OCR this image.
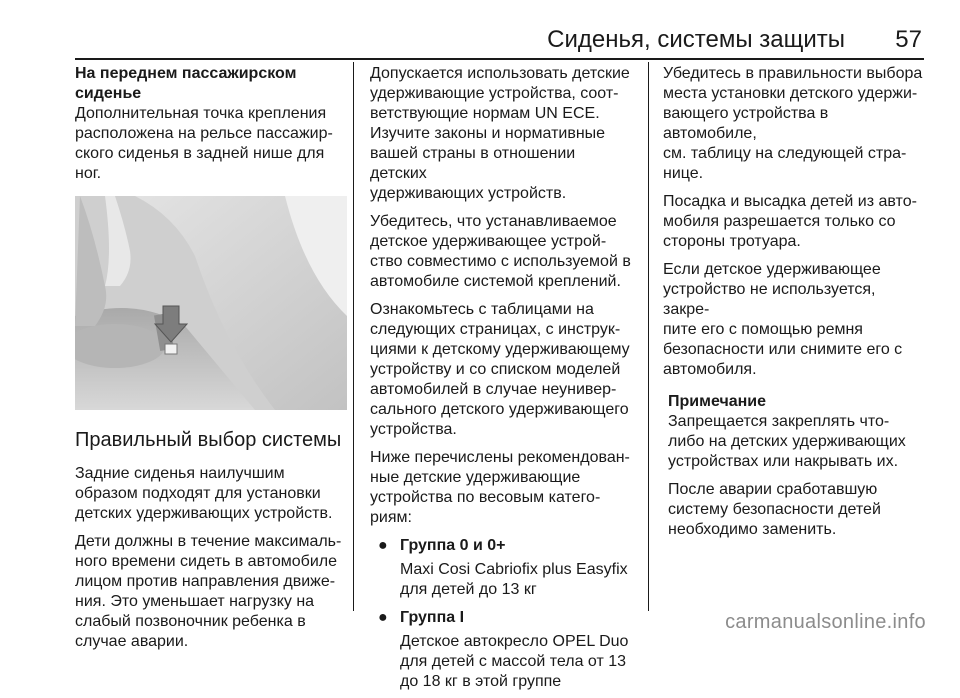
Сиденья, системы защиты 57

На переднем пассажирском
сиденье

Дополнительная точка крепления
расположена на рельсе пассажир-
ского сиденья в задней нише для
ног.

Правильный выбор системы

Задние сиденья наилучшим
образом подходят для установки
детских удерживающих устройств.

Дети должны в течение максималь-
ного времени сидеть в автомобиле
лицом против направления движе-
ния. Это уменьшает нагрузку на
слабый позвоночник ребенка в
случае аварии.

Допускается использовать детские
удерживающие устройства, соот-
ветствующие нормам UN ECE.
Изучите законы и нормативные
вашей страны в отношении детских
удерживающих устройств.

Убедитесь, что устанавливаемое
детское удерживающее устрой-
ство совместимо с используемой в
автомобиле системой креплений.

Ознакомьтесь с таблицами на
следующих страницах, с инструк-
циями к детскому удерживающему
устройству и со списком моделей
автомобилей в случае неунивер-
сального детского удерживающего
устройства.

Ниже перечислены рекомендован-
ные детские удерживающие
устройства по весовым катего-
риям:

● Группа 0 и 0+
Maxi Cosi Cabriofix plus Easyfix
для детей до 13 кг
● Группа I
Детское автокресло OPEL Duo
для детей с массой тела от 13
до 18 кг в этой группе

Убедитесь в правильности выбора
места установки детского удержи-
вающего устройства в автомобиле,
см. таблицу на следующей стра-
нице.

Посадка и высадка детей из авто-
мобиля разрешается только со
стороны тротуара.

Если детское удерживающее
устройство не используется, закре-
пите его с помощью ремня
безопасности или снимите его с
автомобиля.

Примечание

Запрещается закреплять что-
либо на детских удерживающих
устройствах или накрывать их.

После аварии сработавшую
систему безопасности детей
необходимо заменить.

carmanualsonline.info
